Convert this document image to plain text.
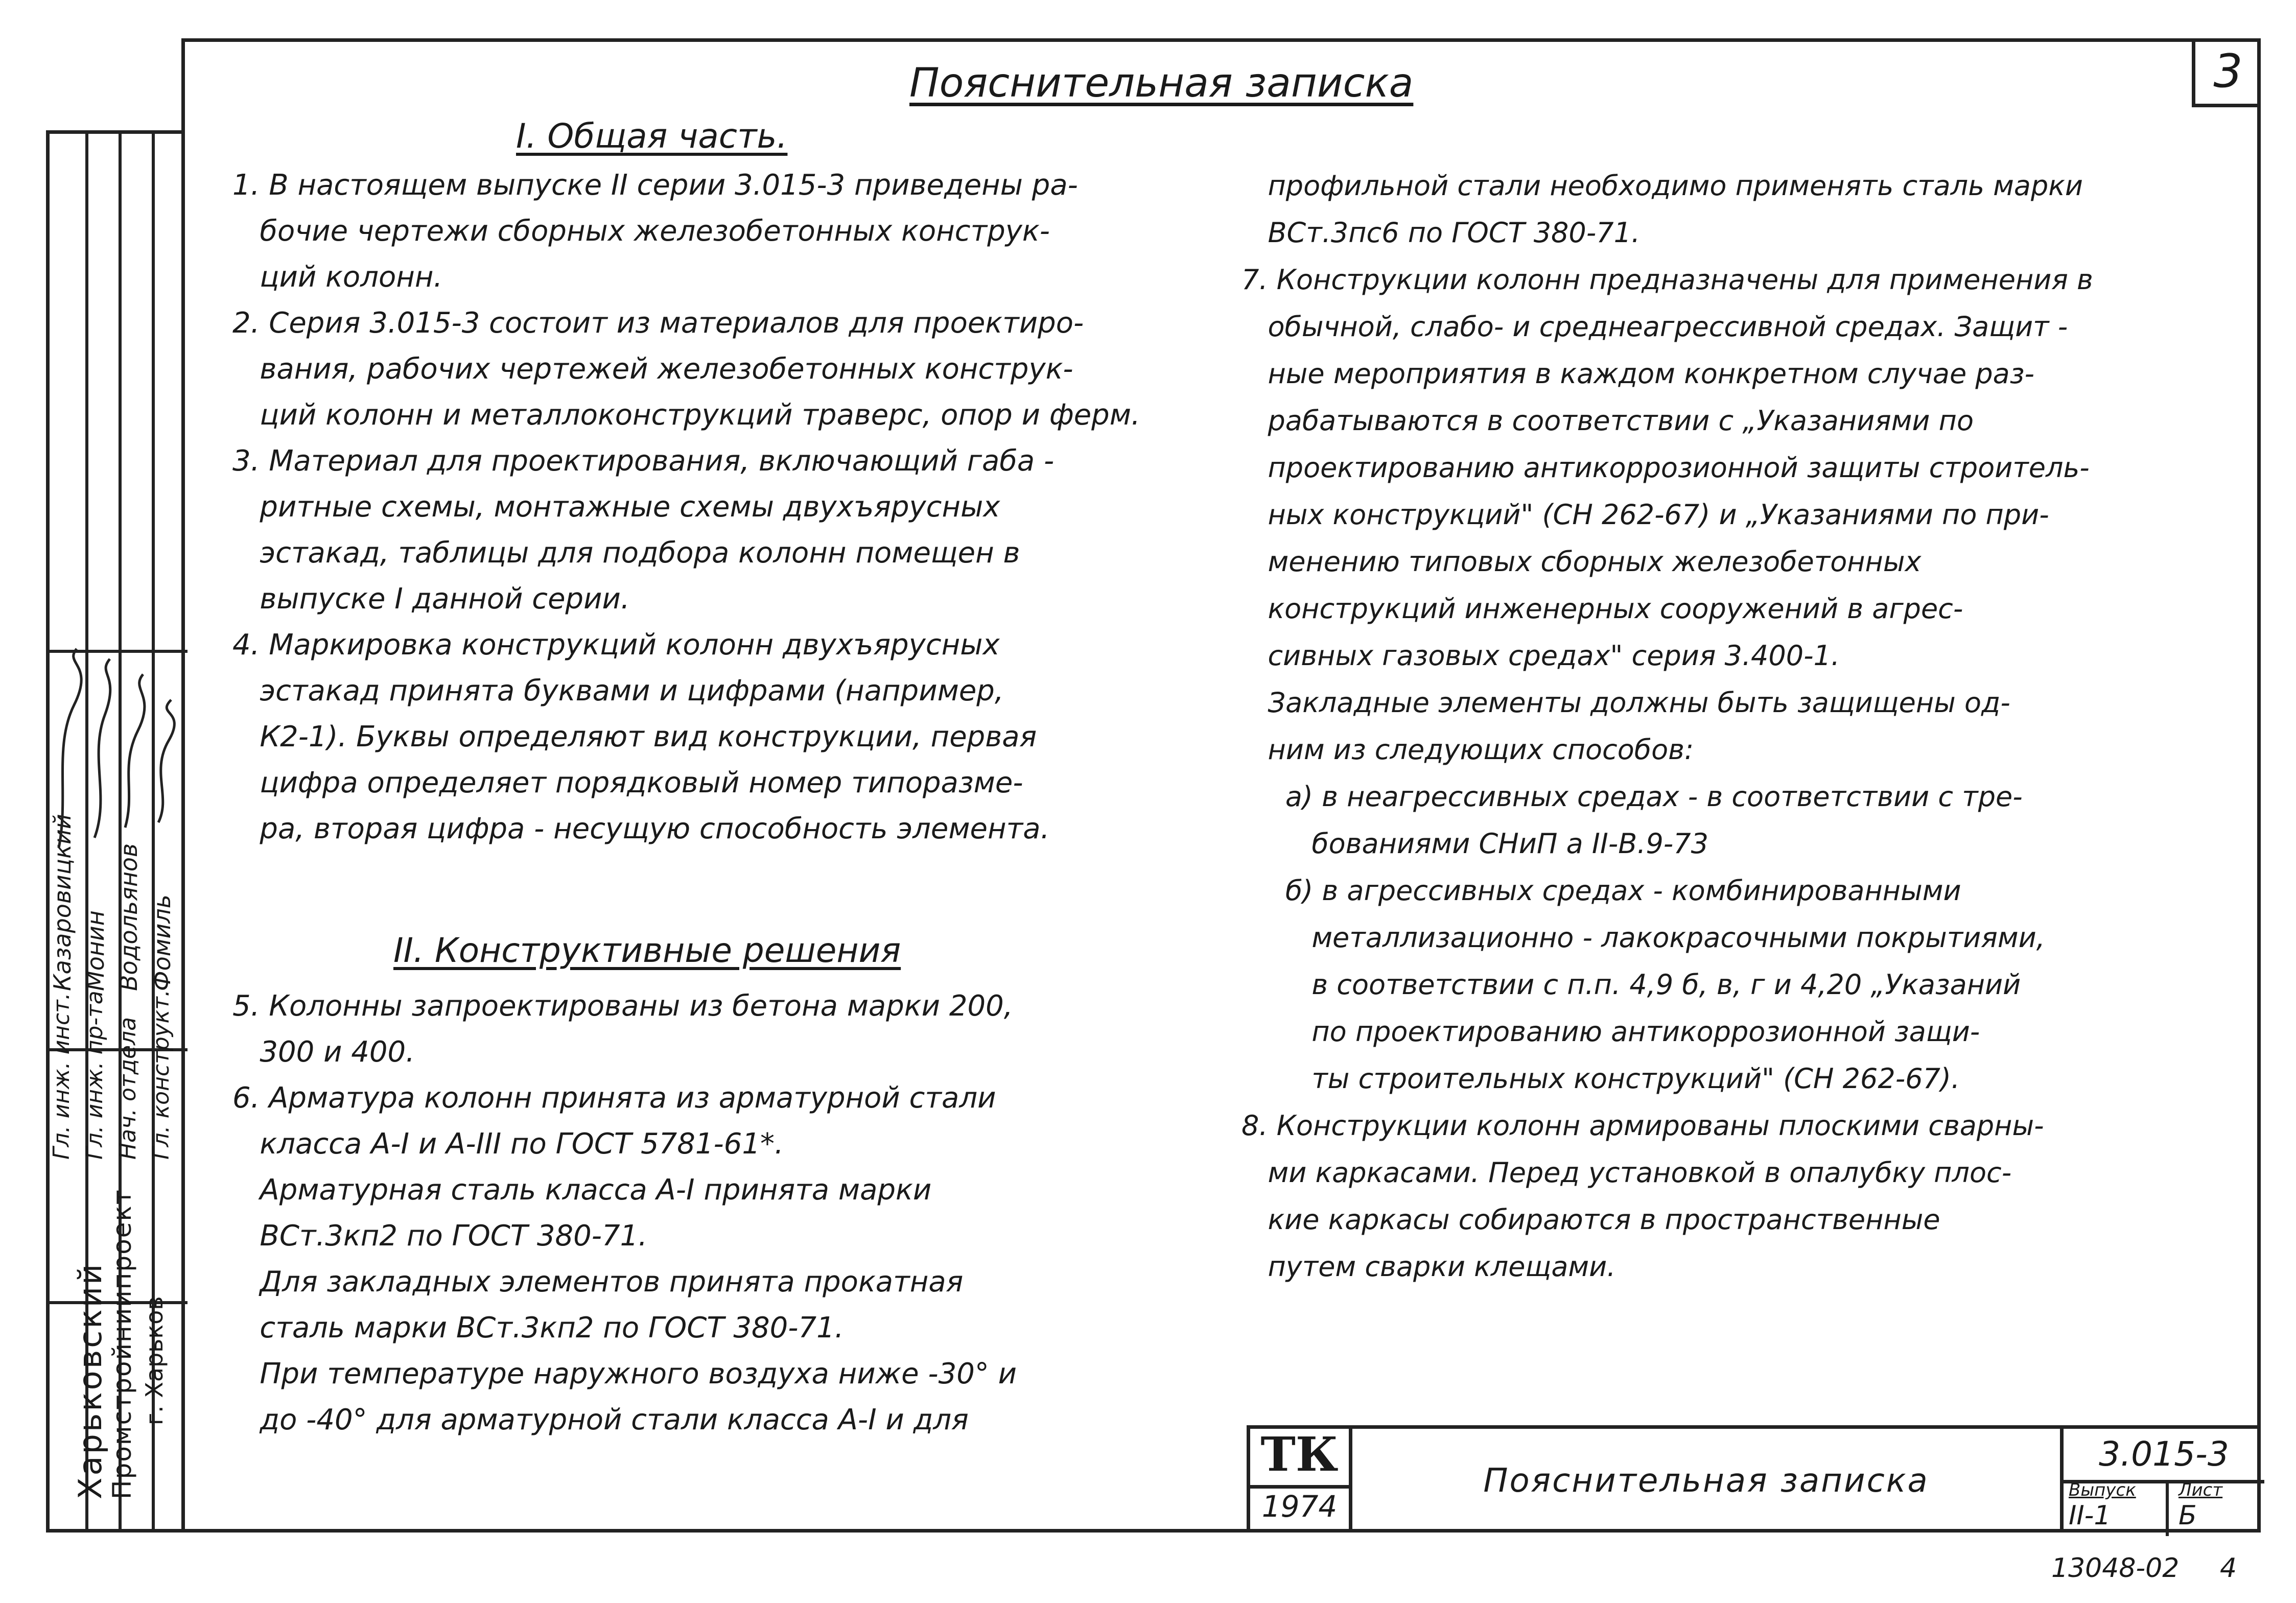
Гл. инж. инст. Гл. инж. пр-та Нач. отдела Гл. конструкт.
Казаровицкий Монин Водольянов Фомиль
Харьковский
Промстройниипроект г. Харьков
3
Пояснительная записка
I. Общая часть.

1. В настоящем выпуске II серии 3.015-3 приведены ра-

бочие чертежи сборных железобетонных конструк-

ций колонн.

2. Серия 3.015-3 состоит из материалов для проектиро-

вания, рабочих чертежей железобетонных конструк-

ций колонн и металлоконструкций траверс, опор и ферм.

3. Материал для проектирования, включающий габа -

ритные схемы, монтажные схемы двухъярусных

эстакад, таблицы для подбора колонн помещен в

выпуске I данной серии.

4. Маркировка конструкций колонн двухъярусных

эстакад принята буквами и цифрами (например,

К2-1). Буквы определяют вид конструкции, первая

цифра определяет порядковый номер типоразме-

ра, вторая цифра - несущую способность элемента.

II. Конструктивные решения

5. Колонны запроектированы из бетона марки 200,

300 и 400.

6. Арматура колонн принята из арматурной стали

класса А-I и А-III по ГОСТ 5781-61*.

Арматурная сталь класса А-I принята марки

ВСт.3кп2 по ГОСТ 380-71.

Для закладных элементов принята прокатная

сталь марки ВСт.3кп2 по ГОСТ 380-71.

При температуре наружного воздуха ниже -30° и

до -40° для арматурной стали класса А-I и для

профильной стали необходимо применять сталь марки

ВСт.3пс6 по ГОСТ 380-71.

7. Конструкции колонн предназначены для применения в

обычной, слабо- и среднеагрессивной средах. Защит -

ные мероприятия в каждом конкретном случае раз-

рабатываются в соответствии с „Указаниями по

проектированию антикоррозионной защиты строитель-

ных конструкций" (СН 262-67) и „Указаниями по при-

менению типовых сборных железобетонных

конструкций инженерных сооружений в агрес-

сивных газовых средах" серия 3.400-1.

Закладные элементы должны быть защищены од-

ним из следующих способов:

а) в неагрессивных средах - в соответствии с тре-

бованиями СНиП а II-В.9-73

б) в агрессивных средах - комбинированными

металлизационно - лакокрасочными покрытиями,

в соответствии с п.п. 4,9 б, в, г и 4,20 „Указаний

по проектированию антикоррозионной защи-

ты строительных конструкций" (СН 262-67).

8. Конструкции колонн армированы плоскими сварны-

ми каркасами. Перед установкой в опалубку плос-

кие каркасы собираются в пространственные

путем сварки клещами.

ТК
1974
Пояснительная записка
3.015-3
Выпуск
II-1
Лист
Б
13048-02 4
